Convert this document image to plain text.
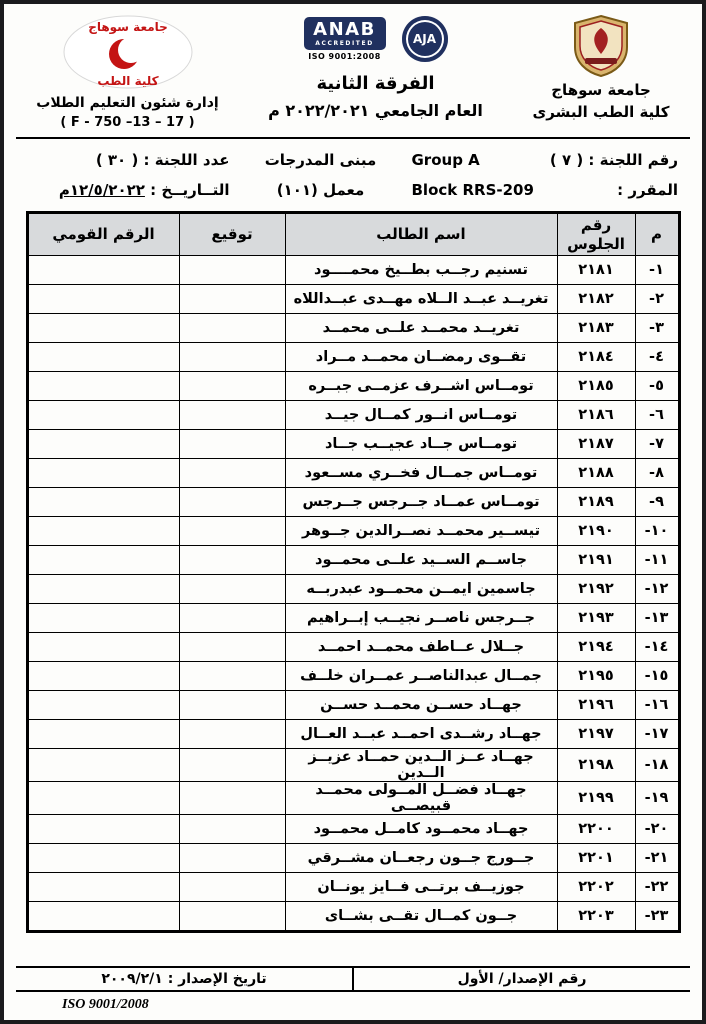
جامعة سوهاج
كلية الطب البشرى
ANAB
ACCREDITED
ISO 9001:2008
AJA
الفرقة الثانية
العام الجامعي ٢٠٢٢/٢٠٢١ م
جامعة سوهاج
كلية الطب
إدارة شئون التعليم الطلاب
( F - 750 –13 – 17 )
رقم اللجنة : ( ٧ )
Group A
المقرر :
Block RRS-209
مبنى المدرجات
معمل (١٠١)
عدد اللجنة : ( ٣٠ )
التــاريــخ : ١٢/٥/٢٠٢٢م
م	رقم الجلوس	اسم الطالب	توقيع	الرقم القومي
١-	٢١٨١	تسنيم رجــب بطــيخ محمــــود		
٢-	٢١٨٢	تغريــد عبــد الــلاه مهــدى عبــداللاه		
٣-	٢١٨٣	تغريــد محمــد علــى محمــد		
٤-	٢١٨٤	تقــوى رمضــان محمــد مــراد		
٥-	٢١٨٥	تومــاس اشــرف عزمــى جبــره		
٦-	٢١٨٦	تومــاس انــور كمــال جيــد		
٧-	٢١٨٧	تومــاس جــاد عجيــب جــاد		
٨-	٢١٨٨	تومــاس جمــال فخــري مســعود		
٩-	٢١٨٩	تومــاس عمــاد جــرجس جــرجس		
١٠-	٢١٩٠	تيســير محمــد نصــرالدين جــوهر		
١١-	٢١٩١	جاســم الســيد علــى محمــود		
١٢-	٢١٩٢	جاسمين ايمــن محمــود عبدربــه		
١٣-	٢١٩٣	جــرجس ناصــر نجيــب إبــراهيم		
١٤-	٢١٩٤	جــلال عــاطف محمــد احمــد		
١٥-	٢١٩٥	جمــال عبدالناصــر عمــران خلــف		
١٦-	٢١٩٦	جهــاد حســن محمــد حســن		
١٧-	٢١٩٧	جهــاد رشــدى احمــد عبــد العــال		
١٨-	٢١٩٨	جهــاد عــز الــدين حمــاد عزيــز الــدين		
١٩-	٢١٩٩	جهــاد فضــل المــولى محمــد قبيصــى		
٢٠-	٢٢٠٠	جهــاد محمــود كامــل محمــود		
٢١-	٢٢٠١	جــورج جــون رجعــان مشــرقي		
٢٢-	٢٢٠٢	جوزيــف برتــى فــايز يونــان		
٢٣-	٢٢٠٣	جــون كمــال تقــى بشــاى		
رقم الإصدار/ الأول
تاريخ الإصدار : ٢٠٠٩/٢/١
ISO 9001/2008
